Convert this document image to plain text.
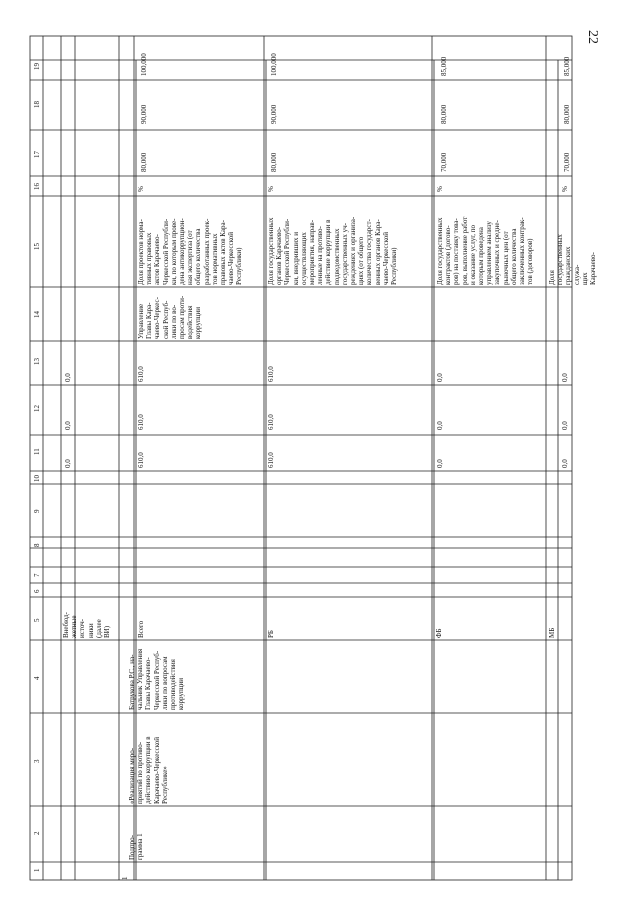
22
1
2
3
4
5
6
7
8
9
10
11
12
13
14
15
16
17
18
19
Внебюд-
жетные
источ-
ники
(далее
ВИ)
0,0
0,0
0,0
1
Подпро-
грамма 1
«Реализация меро-
приятий по противо-
действию коррупции в
Карачаево-Черкесской
Республике»
Батрукова Р.С., на-
чальник Управления
Главы Карачаево-
Черкесской Респуб-
лики по вопросам
противодействия
коррупции
Всего
610,0
610,0
610,0
Управление
Главы Кара-
чаево-Черкес-
ской Респуб-
лики по во-
просам проти-
водействия
коррупции
Доля проектов норма-
тивных правовых
актов Карачаево-
Черкесской Республи-
ки, по которым прове-
дена антикоррупцион-
ная экспертиза (от
общего количества
разработанных проек-
тов нормативных
правовых актов Кара-
чаево-Черкесской
Республики)
%
80,000
90,000
100,000
РБ
610,0
610,0
610,0
Доля государственных
органов Карачаево-
Черкесской Республи-
ки, внедривших и
осуществляющих
мероприятия, направ-
ленные на противо-
действие коррупции в
подведомственных
государственных уч-
реждениях и организа-
циях (от общего
количества государст-
венных органов Кара-
чаево-Черкесской
Республики)
%
80,000
90,000
100,000
ФБ
0,0
0,0
0,0
Доля государственных
контрактов (догово-
ров) на поставку това-
ров, выполнение работ
и оказание услуг, по
которым проведена
управлением анализу
закупочных и средне-
рыночных цен (от
общего количества
заключенных контрак-
тов (договоров)
%
70,000
80,000
85,000
МБ
0,0
0,0
0,0
Доля государственных
гражданских служа-
щих Карачаево-
%
70,000
80,000
85,000
